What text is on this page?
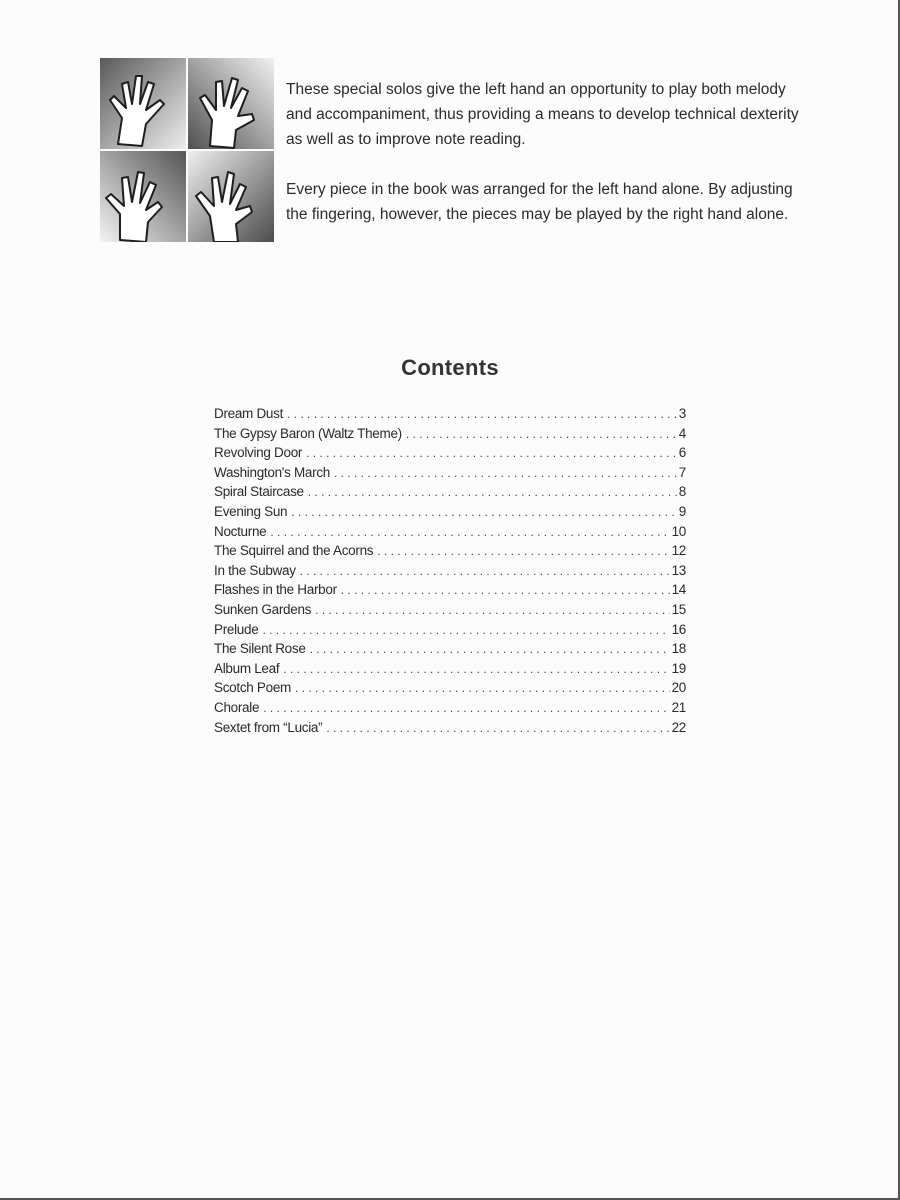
These special solos give the left hand an opportunity to play both melody and accompaniment, thus providing a means to develop technical dexterity as well as to improve note reading.

Every piece in the book was arranged for the left hand alone. By adjusting the fingering, however, the pieces may be played by the right hand alone.

Contents
Dream Dust . . .	3
The Gypsy Baron (Waltz Theme) . . .	4
Revolving Door . . .	6
Washington's March . . .	7
Spiral Staircase . . .	8
Evening Sun . . .	9
Nocturne . . .	10
The Squirrel and the Acorns . . .	12
In the Subway . . .	13
Flashes in the Harbor . . .	14
Sunken Gardens . . .	15
Prelude . . .	16
The Silent Rose . . .	18
Album Leaf . . .	19
Scotch Poem . . .	20
Chorale . . .	21
Sextet from “Lucia” . . .	22
